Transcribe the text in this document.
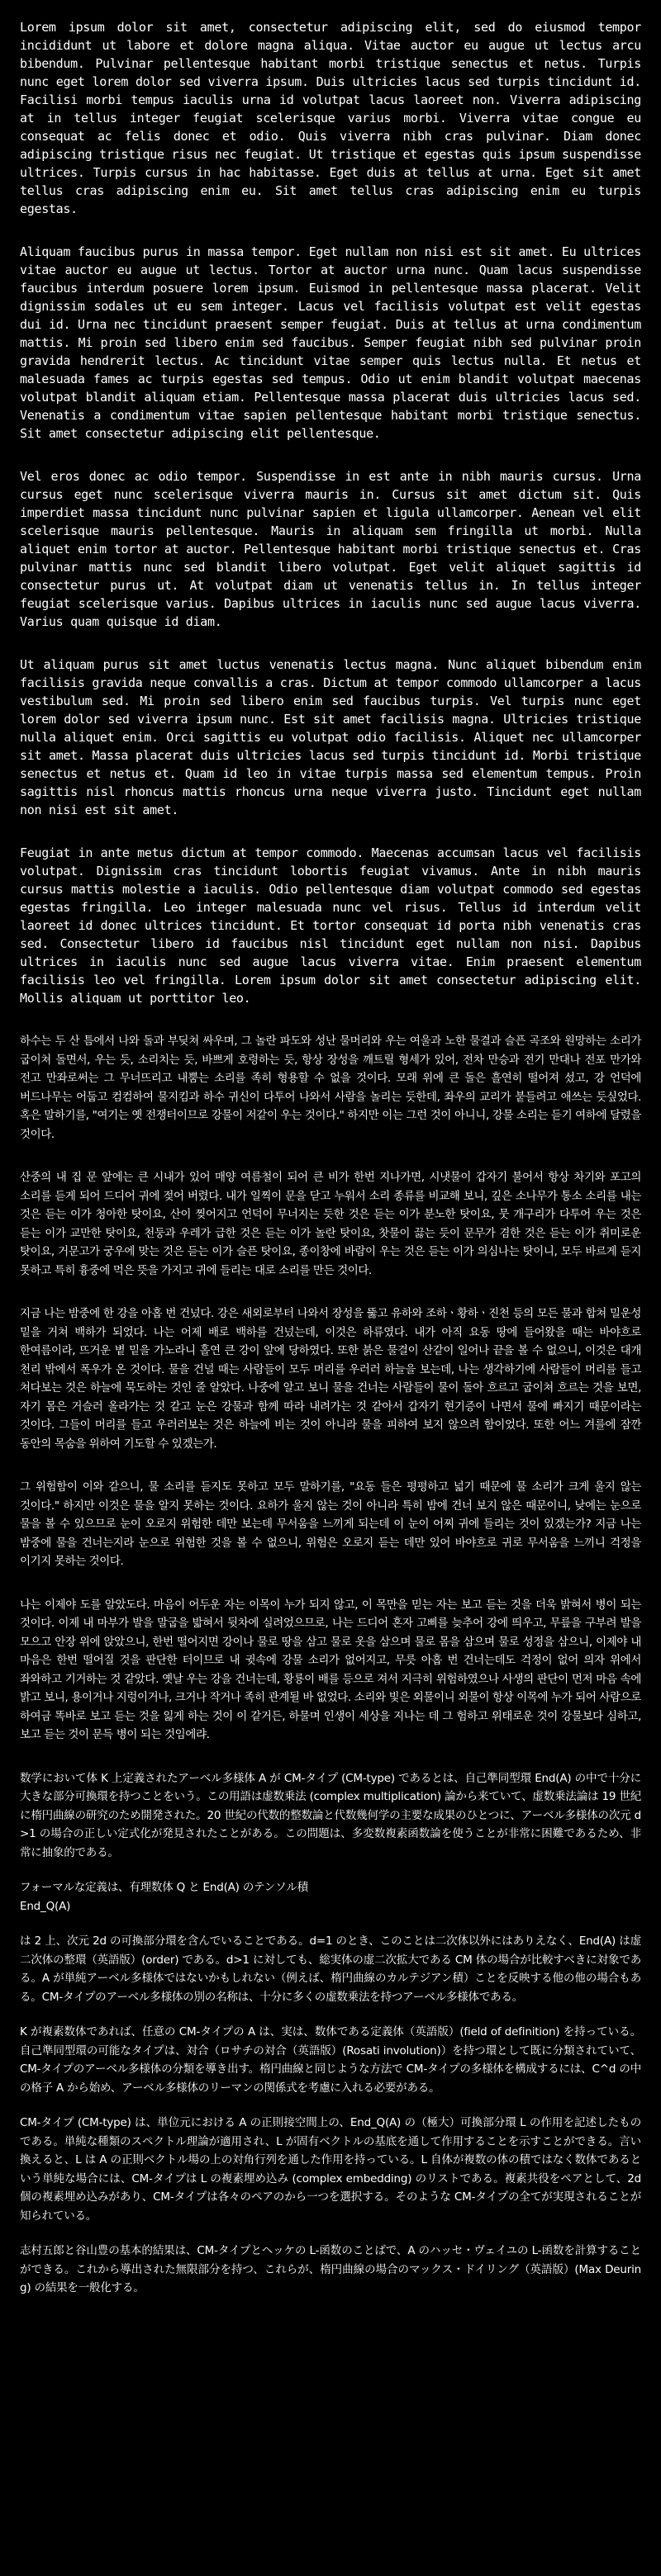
Lorem ipsum dolor sit amet, consectetur adipiscing elit, sed do eiusmod tempor incididunt ut labore et dolore magna aliqua. Vitae auctor eu augue ut lectus arcu bibendum. Pulvinar pellentesque habitant morbi tristique senectus et netus. Turpis nunc eget lorem dolor sed viverra ipsum. Duis ultricies lacus sed turpis tincidunt id. Facilisi morbi tempus iaculis urna id volutpat lacus laoreet non. Viverra adipiscing at in tellus integer feugiat scelerisque varius morbi. Viverra vitae congue eu consequat ac felis donec et odio. Quis viverra nibh cras pulvinar. Diam donec adipiscing tristique risus nec feugiat. Ut tristique et egestas quis ipsum suspendisse ultrices. Turpis cursus in hac habitasse. Eget duis at tellus at urna. Eget sit amet tellus cras adipiscing enim eu. Sit amet tellus cras adipiscing enim eu turpis egestas.

Aliquam faucibus purus in massa tempor. Eget nullam non nisi est sit amet. Eu ultrices vitae auctor eu augue ut lectus. Tortor at auctor urna nunc. Quam lacus suspendisse faucibus interdum posuere lorem ipsum. Euismod in pellentesque massa placerat. Velit dignissim sodales ut eu sem integer. Lacus vel facilisis volutpat est velit egestas dui id. Urna nec tincidunt praesent semper feugiat. Duis at tellus at urna condimentum mattis. Mi proin sed libero enim sed faucibus. Semper feugiat nibh sed pulvinar proin gravida hendrerit lectus. Ac tincidunt vitae semper quis lectus nulla. Et netus et malesuada fames ac turpis egestas sed tempus. Odio ut enim blandit volutpat maecenas volutpat blandit aliquam etiam. Pellentesque massa placerat duis ultricies lacus sed. Venenatis a condimentum vitae sapien pellentesque habitant morbi tristique senectus. Sit amet consectetur adipiscing elit pellentesque.

Vel eros donec ac odio tempor. Suspendisse in est ante in nibh mauris cursus. Urna cursus eget nunc scelerisque viverra mauris in. Cursus sit amet dictum sit. Quis imperdiet massa tincidunt nunc pulvinar sapien et ligula ullamcorper. Aenean vel elit scelerisque mauris pellentesque. Mauris in aliquam sem fringilla ut morbi. Nulla aliquet enim tortor at auctor. Pellentesque habitant morbi tristique senectus et. Cras pulvinar mattis nunc sed blandit libero volutpat. Eget velit aliquet sagittis id consectetur purus ut. At volutpat diam ut venenatis tellus in. In tellus integer feugiat scelerisque varius. Dapibus ultrices in iaculis nunc sed augue lacus viverra. Varius quam quisque id diam.

Ut aliquam purus sit amet luctus venenatis lectus magna. Nunc aliquet bibendum enim facilisis gravida neque convallis a cras. Dictum at tempor commodo ullamcorper a lacus vestibulum sed. Mi proin sed libero enim sed faucibus turpis. Vel turpis nunc eget lorem dolor sed viverra ipsum nunc. Est sit amet facilisis magna. Ultricies tristique nulla aliquet enim. Orci sagittis eu volutpat odio facilisis. Aliquet nec ullamcorper sit amet. Massa placerat duis ultricies lacus sed turpis tincidunt id. Morbi tristique senectus et netus et. Quam id leo in vitae turpis massa sed elementum tempus. Proin sagittis nisl rhoncus mattis rhoncus urna neque viverra justo. Tincidunt eget nullam non nisi est sit amet.

Feugiat in ante metus dictum at tempor commodo. Maecenas accumsan lacus vel facilisis volutpat. Dignissim cras tincidunt lobortis feugiat vivamus. Ante in nibh mauris cursus mattis molestie a iaculis. Odio pellentesque diam volutpat commodo sed egestas egestas fringilla. Leo integer malesuada nunc vel risus. Tellus id interdum velit laoreet id donec ultrices tincidunt. Et tortor consequat id porta nibh venenatis cras sed. Consectetur libero id faucibus nisl tincidunt eget nullam non nisi. Dapibus ultrices in iaculis nunc sed augue lacus viverra vitae. Enim praesent elementum facilisis leo vel fringilla. Lorem ipsum dolor sit amet consectetur adipiscing elit. Mollis aliquam ut porttitor leo.

하수는 두 산 틈에서 나와 돌과 부딪쳐 싸우며, 그 놀란 파도와 성난 물머리와 우는 여울과 노한 물결과 슬픈 곡조와 원망하는 소리가 굽이쳐 돌면서, 우는 듯, 소리치는 듯, 바쁘게 호령하는 듯, 항상 장성을 깨트릴 형세가 있어, 전차 만승과 전기 만대나 전포 만가와 전고 만좌로써는 그 무너뜨리고 내뿜는 소리를 족히 형용할 수 없을 것이다. 모래 위에 큰 돌은 흘연히 떨어져 섰고, 강 언덕에 버드나무는 어둡고 컴컴하여 물지킴과 하수 귀신이 다투어 나와서 사람을 놀리는 듯한데, 좌우의 교리가 붙들려고 애쓰는 듯싶었다. 혹은 말하기를, "여기는 옛 전쟁터이므로 강물이 저같이 우는 것이다." 하지만 이는 그런 것이 아니니, 강물 소리는 듣기 여하에 달렸을 것이다.

산중의 내 집 문 앞에는 큰 시내가 있어 매양 여름철이 되어 큰 비가 한번 지나가면, 시냇물이 갑자기 불어서 항상 차기와 포고의 소리를 듣게 되어 드디어 귀에 젖어 버렸다. 내가 일찍이 문을 닫고 누워서 소리 종류를 비교해 보니, 깊은 소나무가 통소 소리를 내는 것은 듣는 이가 청아한 탓이요, 산이 찢어지고 언덕이 무너지는 듯한 것은 듣는 이가 분노한 탓이요, 뭇 개구리가 다투어 우는 것은 듣는 이가 교만한 탓이요, 천둥과 우레가 급한 것은 듣는 이가 놀란 탓이요, 찻물이 끓는 듯이 문무가 겸한 것은 듣는 이가 취미로운 탓이요, 거문고가 궁우에 맞는 것은 듣는 이가 슬픈 탓이요, 종이창에 바람이 우는 것은 듣는 이가 의심나는 탓이니, 모두 바르게 듣지 못하고 특히 흉중에 먹은 뜻을 가지고 귀에 들리는 대로 소리를 만든 것이다.

지금 나는 밤중에 한 강을 아홉 번 건넜다. 강은 새외로부터 나와서 장성을 뚫고 유하와 조하ㆍ황하ㆍ진천 등의 모든 물과 합쳐 밀운성 밑을 거쳐 백하가 되었다. 나는 어제 배로 백하를 건넜는데, 이것은 하류였다. 내가 아직 요동 땅에 들어왔을 때는 바야흐로 한여름이라, 뜨거운 볕 밑을 가노라니 홀연 큰 강이 앞에 당하였다. 또한 붉은 물결이 산같이 일어나 끝을 볼 수 없으니, 이것은 대개 천리 밖에서 폭우가 온 것이다. 물을 건널 때는 사람들이 모두 머리를 우러러 하늘을 보는데, 나는 생각하기에 사람들이 머리를 들고 쳐다보는 것은 하늘에 묵도하는 것인 줄 알았다. 나중에 알고 보니 물을 건너는 사람들이 물이 돌아 흐르고 굽이쳐 흐르는 것을 보면, 자기 몸은 거슬러 올라가는 것 같고 눈은 강물과 함께 따라 내려가는 것 같아서 갑자기 현기증이 나면서 물에 빠지기 때문이라는 것이다. 그들이 머리를 들고 우러러보는 것은 하늘에 비는 것이 아니라 물을 피하여 보지 않으려 함이었다. 또한 어느 겨를에 잠깐 동안의 목숨을 위하여 기도할 수 있겠는가.

그 위험함이 이와 같으니, 물 소리를 듣지도 못하고 모두 말하기를, "요동 들은 평평하고 넓기 때문에 물 소리가 크게 울지 않는 것이다." 하지만 이것은 물을 알지 못하는 것이다. 요하가 울지 않는 것이 아니라 특히 밤에 건너 보지 않은 때문이니, 낮에는 눈으로 물을 볼 수 있으므로 눈이 오로지 위험한 데만 보는데 무서움을 느끼게 되는데 이 눈이 어찌 귀에 들리는 것이 있겠는가? 지금 나는 밤중에 물을 건너는지라 눈으로 위험한 것을 볼 수 없으니, 위험은 오로지 듣는 데만 있어 바야흐로 귀로 무서움을 느끼니 걱정을 이기지 못하는 것이다.

나는 이제야 도를 알았도다. 마음이 어두운 자는 이목이 누가 되지 않고, 이 목만을 믿는 자는 보고 듣는 것을 더욱 밝혀서 병이 되는 것이다. 이제 내 마부가 발을 말굽을 밟혀서 뒷차에 실려었으므로, 나는 드디어 혼자 고삐를 늦추어 강에 띄우고, 무릎을 구부려 발을 모으고 안장 위에 앉았으니, 한번 떨어지면 강이나 물로 땅을 삼고 물로 옷을 삼으며 물로 몸을 삼으며 물로 성정을 삼으니, 이제야 내 마음은 한번 떨어질 것을 판단한 터이므로 내 귓속에 강물 소리가 없어지고, 무릇 아홉 번 건너는데도 걱정이 없어 의자 위에서 좌와하고 기거하는 것 같았다. 옛날 우는 강을 건너는데, 황룡이 배를 등으로 져서 지극히 위험하였으나 사생의 판단이 먼저 마음 속에 밝고 보니, 용이거나 지렁이거나, 크거나 작거나 족히 관계될 바 없었다. 소리와 빛은 외물이니 외물이 항상 이목에 누가 되어 사람으로 하여금 똑바로 보고 듣는 것을 잃게 하는 것이 이 같거든, 하물며 인생이 세상을 지나는 데 그 험하고 위태로운 것이 강물보다 심하고, 보고 듣는 것이 문득 병이 되는 것임에랴.

数学において体 K 上定義されたアーベル多様体 A が CM-タイプ (CM-type) であるとは、自己準同型環 End(A) の中で十分に大きな部分可換環を持つことをいう。この用語は虚数乗法 (complex multiplication) 論から来ていて、虚数乗法論は 19 世紀に楕円曲線の研究のため開発された。20 世紀の代数的整数論と代数幾何学の主要な成果のひとつに、アーベル多様体の次元 d>1 の場合の正しい定式化が発見されたことがある。この問題は、多変数複素函数論を使うことが非常に困難であるため、非常に抽象的である。

フォーマルな定義は、有理数体 Q と End(A) のテンソル積
End_Q(A)

は 2 上、次元 2d の可換部分環を含んでいることである。d=1 のとき、このことは二次体以外にはありえなく、End(A) は虚二次体の整環（英語版）(order) である。d>1 に対しても、総実体の虚二次拡大である CM 体の場合が比較すべきに対象である。A が単純アーベル多様体ではないかもしれない（例えば、楕円曲線のカルテジアン積）ことを反映する他の他の場合もある。CM-タイプのアーベル多様体の別の名称は、十分に多くの虚数乗法を持つアーベル多様体である。

K が複素数体であれば、任意の CM-タイプの A は、実は、数体である定義体（英語版）(field of definition) を持っている。自己準同型環の可能なタイプは、対合（ロサチの対合（英語版）(Rosati involution)）を持つ環として既に分類されていて、CM-タイプのアーベル多様体の分類を導き出す。楕円曲線と同じような方法で CM-タイプの多様体を構成するには、C^d の中の格子 A から始め、アーベル多様体のリーマンの関係式を考慮に入れる必要がある。

CM-タイプ (CM-type) は、単位元における A の正則接空間上の、End_Q(A) の（極大）可換部分環 L の作用を記述したものである。単純な種類のスペクトル理論が適用され、L が固有ベクトルの基底を通して作用することを示すことができる。言い換えると、L は A の正則ベクトル場の上の対角行列を通した作用を持っている。L 自体が複数の体の積ではなく数体であるという単純な場合には、CM-タイプは L の複素埋め込み (complex embedding) のリストである。複素共役をペアとして、2d 個の複素埋め込みがあり、CM-タイプは各々のペアのから一つを選択する。そのような CM-タイプの全てが実現されることが知られている。

志村五郎と谷山豊の基本的結果は、CM-タイプとヘッケの L-函数のことばで、A のハッセ・ヴェイユの L-函数を計算することができる。これから導出された無限部分を持つ、これらが、楕円曲線の場合のマックス・ドイリング（英語版）(Max Deuring) の結果を一般化する。
